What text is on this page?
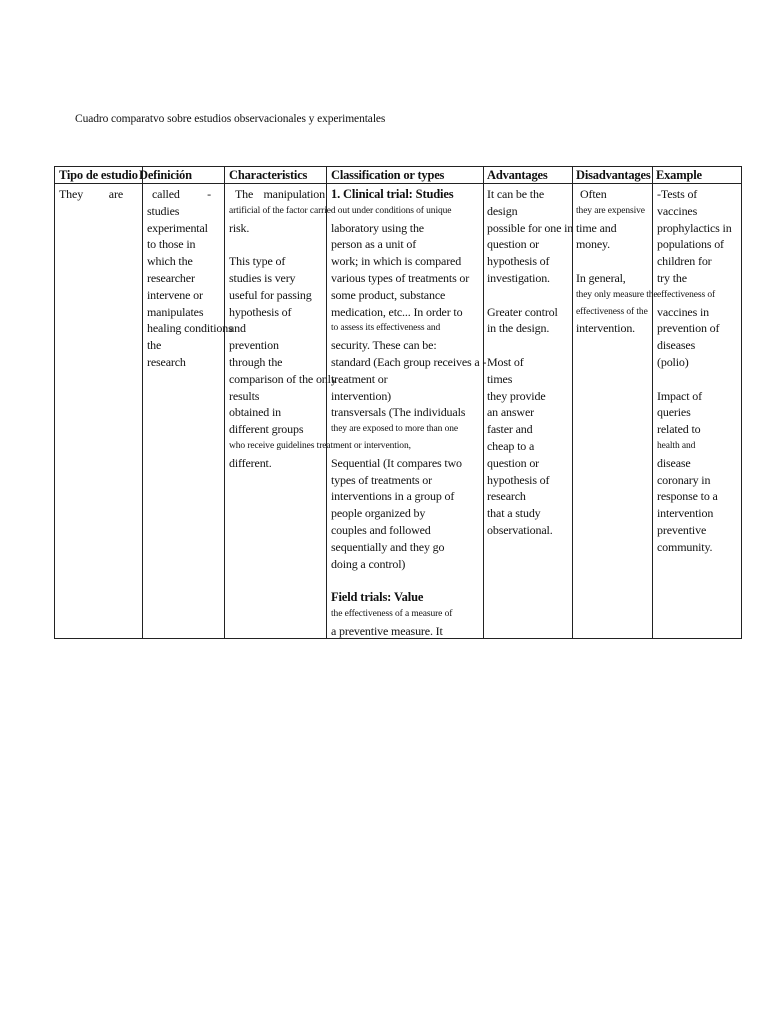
Cuadro comparatvo sobre estudios observacionales y experimentales
Tipo de estudio Definición	Characteristics Classification or types	Advantages Disadvantages Example
They are called -
studies
experimental
to those in
which the
researcher
intervene or
manipulates
healing conditions
the
research
The manipulation
artificial of the factor carried out under conditions of unique
risk.
This type of
studies is very
useful for passing
hypothesis of
and
prevention
through the
comparison of the only
results
obtained in
different groups
who receive guidelines treatment or intervention,
different.
1. Clinical trial: Studies
laboratory using the
person as a unit of
work; in which is compared
various types of treatments or
some product, substance
medication, etc... In order to
to assess its effectiveness and
security. These can be:
standard (Each group receives a -
treatment or
intervention)
transversals (The individuals
they are exposed to more than one
Sequential (It compares two
types of treatments or
interventions in a group of
people organized by
couples and followed
sequentially and they go
doing a control)
Field trials: Value
the effectiveness of a measure of
a preventive measure. It
It can be the
design
possible for one in
question or
hypothesis of
investigation.
Greater control
in the design.
Most of
times
they provide
an answer
faster and
cheap to a
question or
hypothesis of
research
that a study
observational.
Often
they are expensive
time and
money.
In general,
they only measure the
effectiveness of the
intervention.
-Tests of
vaccines
prophylactics in
populations of
children for
try the
effectiveness of
vaccines in
prevention of
diseases
(polio)
Impact of
queries
related to
health and
disease
coronary in
response to a
intervention
preventive
community.
